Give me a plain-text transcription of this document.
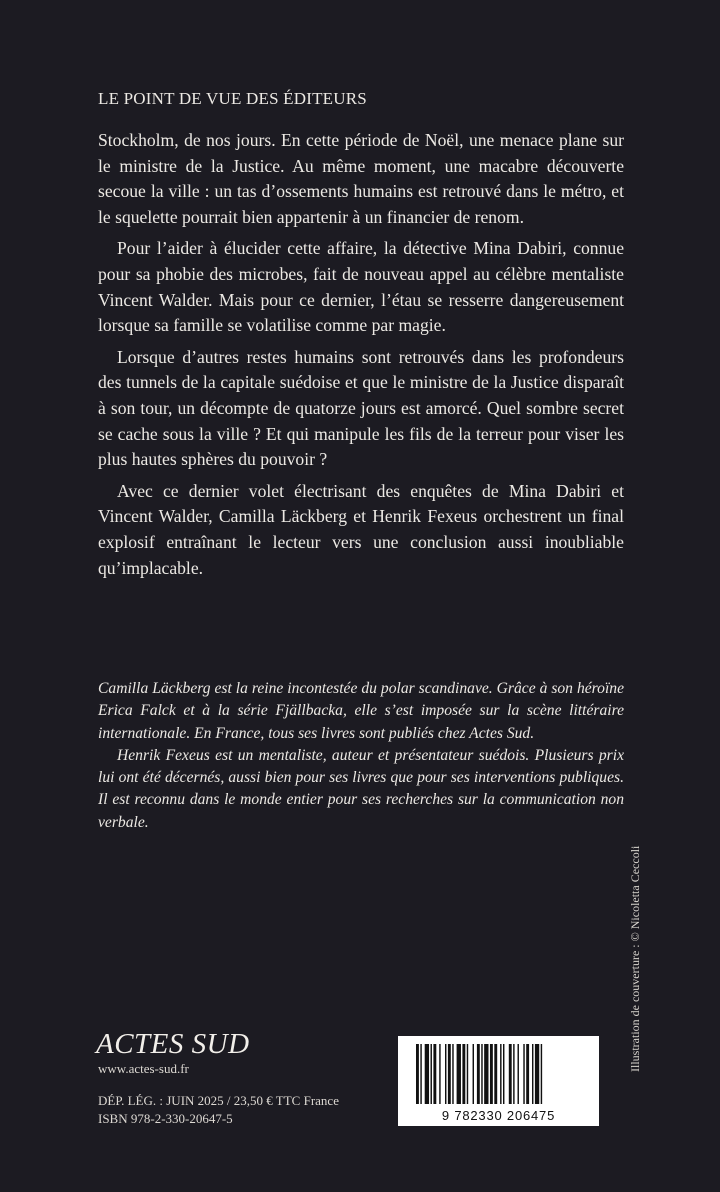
LE POINT DE VUE DES ÉDITEURS

Stockholm, de nos jours. En cette période de Noël, une menace plane sur le ministre de la Justice. Au même moment, une macabre découverte secoue la ville : un tas d’ossements humains est retrouvé dans le métro, et le squelette pourrait bien appartenir à un financier de renom.

Pour l’aider à élucider cette affaire, la détective Mina Dabiri, connue pour sa phobie des microbes, fait de nouveau appel au célèbre mentaliste Vincent Walder. Mais pour ce dernier, l’étau se resserre dangereusement lorsque sa famille se volatilise comme par magie.

Lorsque d’autres restes humains sont retrouvés dans les profondeurs des tunnels de la capitale suédoise et que le ministre de la Justice disparaît à son tour, un décompte de quatorze jours est amorcé. Quel sombre secret se cache sous la ville ? Et qui manipule les fils de la terreur pour viser les plus hautes sphères du pouvoir ?

Avec ce dernier volet électrisant des enquêtes de Mina Dabiri et Vincent Walder, Camilla Läckberg et Henrik Fexeus orchestrent un final explosif entraînant le lecteur vers une conclusion aussi inoubliable qu’implacable.

Camilla Läckberg est la reine incontestée du polar scandinave. Grâce à son héroïne Erica Falck et à la série Fjällbacka, elle s’est imposée sur la scène littéraire internationale. En France, tous ses livres sont publiés chez Actes Sud.

Henrik Fexeus est un mentaliste, auteur et présentateur suédois. Plusieurs prix lui ont été décernés, aussi bien pour ses livres que pour ses interventions publiques. Il est reconnu dans le monde entier pour ses recherches sur la communication non verbale.

ACTES SUD
www.actes-sud.fr
DÉP. LÉG. : JUIN 2025 / 23,50 € TTC France
ISBN 978-2-330-20647-5	9 782330 206475
Illustration de couverture : © Nicoletta Ceccoli
